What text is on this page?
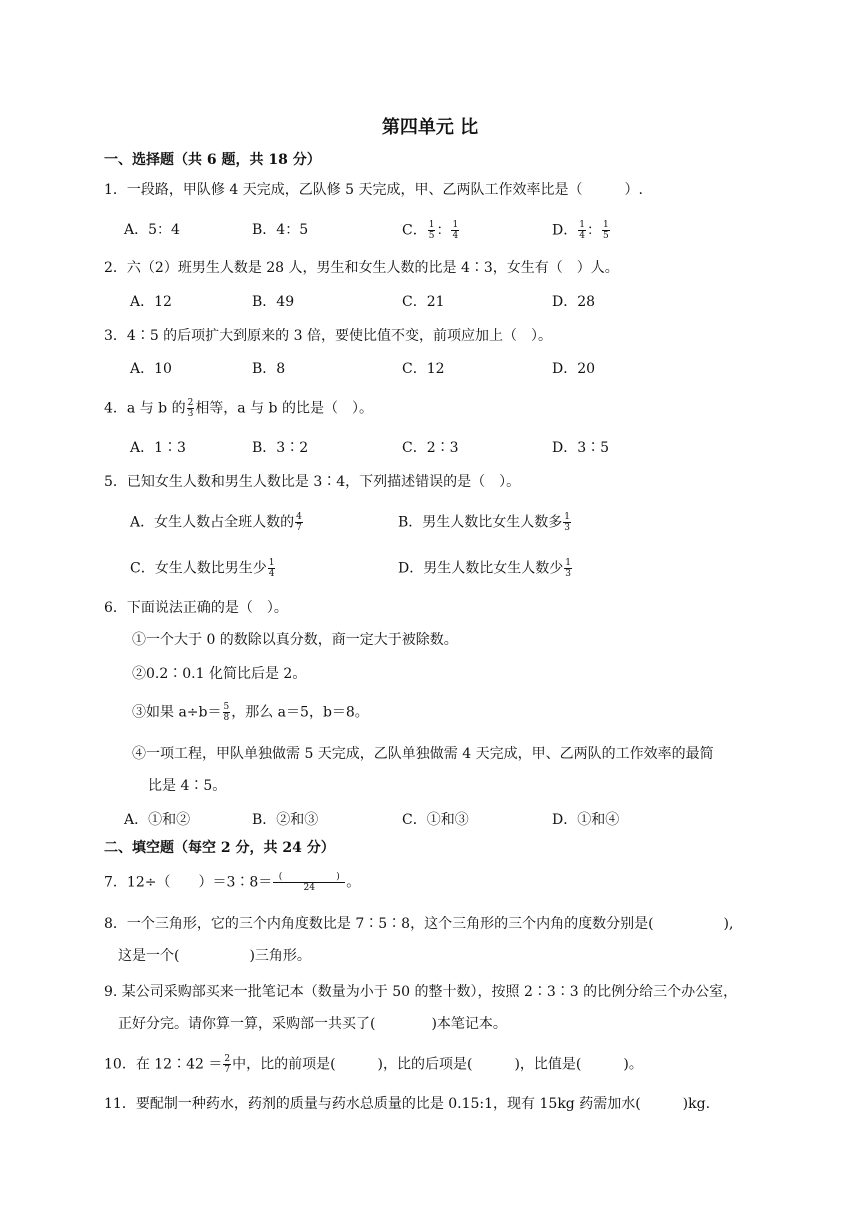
第四单元 比
一、选择题（共 6 题，共 18 分）
1．一段路，甲队修 4 天完成，乙队修 5 天完成，甲、乙两队工作效率比是（　　　）.
A．5：4	B．4：5	C． $\frac{1}{5}$ ： $\frac{1}{4}$	D． $\frac{1}{4}$ ： $\frac{1}{5}$
2．六（2）班男生人数是 28 人，男生和女生人数的比是 4∶3，女生有（　）人。
A．12	B．49	C．21	D．28
3．4∶5 的后项扩大到原来的 3 倍，要使比值不变，前项应加上（　）。
A．10	B．8	C．12	D．20
4．a 与 b 的 $\frac{2}{3}$ 相等，a 与 b 的比是（　）。
A．1∶3	B．3∶2	C．2∶3	D．3∶5
5．已知女生人数和男生人数比是 3∶4，下列描述错误的是（　）。
A．女生人数占全班人数的 $\frac{4}{7}$	B．男生人数比女生人数多 $\frac{1}{3}$
C．女生人数比男生少 $\frac{1}{4}$	D．男生人数比女生人数少 $\frac{1}{3}$
6．下面说法正确的是（　）。
①一个大于 0 的数除以真分数，商一定大于被除数。
②0.2∶0.1 化简比后是 2。
③如果 $a\div b= \frac{5}{8}$ ，那么 a＝5，b＝8。
④一项工程，甲队单独做需 5 天完成，乙队单独做需 4 天完成，甲、乙两队的工作效率的最简
比是 4∶5。
A．①和②	B．②和③	C．①和③	D．①和④
二、填空题（每空 2 分，共 24 分）
7．12÷（　　）＝3∶8＝ $\frac{( )}{24}$ 。
8．一个三角形，它的三个内角度数比是 7∶5∶8，这个三角形的三个内角的度数分别是(　　　　　),
这是一个(　　　　　)三角形。
9. 某公司采购部买来一批笔记本（数量为小于 50 的整十数），按照 2∶3∶3 的比例分给三个办公室，
正好分完。请你算一算，采购部一共买了(　　　　)本笔记本。
10．在 12∶42 ＝ $\frac{2}{7}$ 中，比的前项是(　　　)，比的后项是(　　　)，比值是(　　　)。
11．要配制一种药水，药剂的质量与药水总质量的比是 0.15:1，现有 15kg 药需加水(　　　)kg.
